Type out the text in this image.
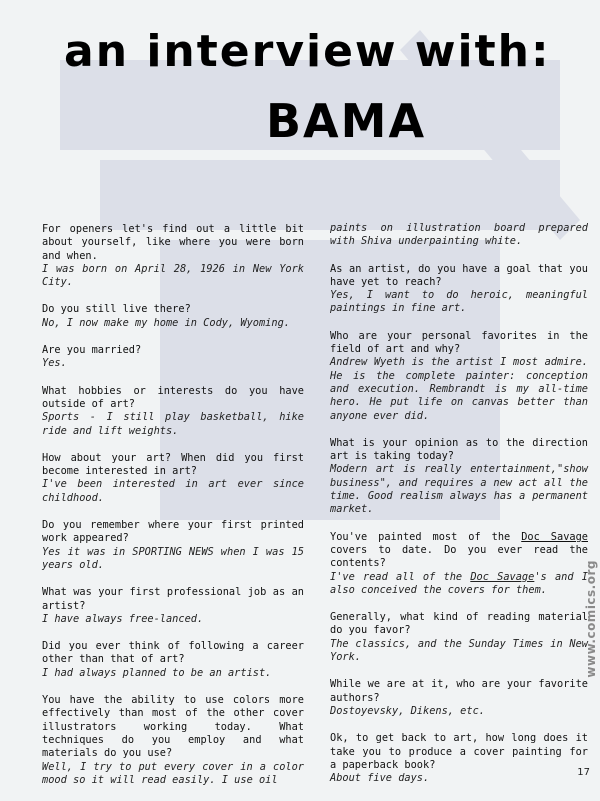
an interview with:
BAMA
For openers let's find out a little bit about yourself, like where you were born and when.
I was born on April 28, 1926 in New York City.
Do you still live there?
No, I now make my home in Cody, Wyoming.
Are you married?
Yes.
What hobbies or interests do you have outside of art?
Sports - I still play basketball, hike ride and lift weights.
How about your art? When did you first become interested in art?
I've been interested in art ever since childhood.
Do you remember where your first printed work appeared?
Yes it was in SPORTING NEWS when I was 15 years old.
What was your first professional job as an artist?
I have always free-lanced.
Did you ever think of following a career other than that of art?
I had always planned to be an artist.
You have the ability to use colors more effectively than most of the other cover illustrators working today. What techniques do you employ and what materials do you use?
Well, I try to put every cover in a color mood so it will read easily. I use oil
paints on illustration board prepared with Shiva underpainting white.
As an artist, do you have a goal that you have yet to reach?
Yes, I want to do heroic, meaningful paintings in fine art.
Who are your personal favorites in the field of art and why?
Andrew Wyeth is the artist I most admire. He is the complete painter: conception and execution. Rembrandt is my all-time hero. He put life on canvas better than anyone ever did.
What is your opinion as to the direction art is taking today?
Modern art is really entertainment,"show business", and requires a new act all the time. Good realism always has a permanent market.
You've painted most of the Doc Savage covers to date. Do you ever read the contents?
I've read all of the Doc Savage's and I also conceived the covers for them.
Generally, what kind of reading material do you favor?
The classics, and the Sunday Times in New York.
While we are at it, who are your favorite authors?
Dostoyevsky, Dikens, etc.
Ok, to get back to art, how long does it take you to produce a cover painting for a paperback book?
About five days.
www.comics.org
17
